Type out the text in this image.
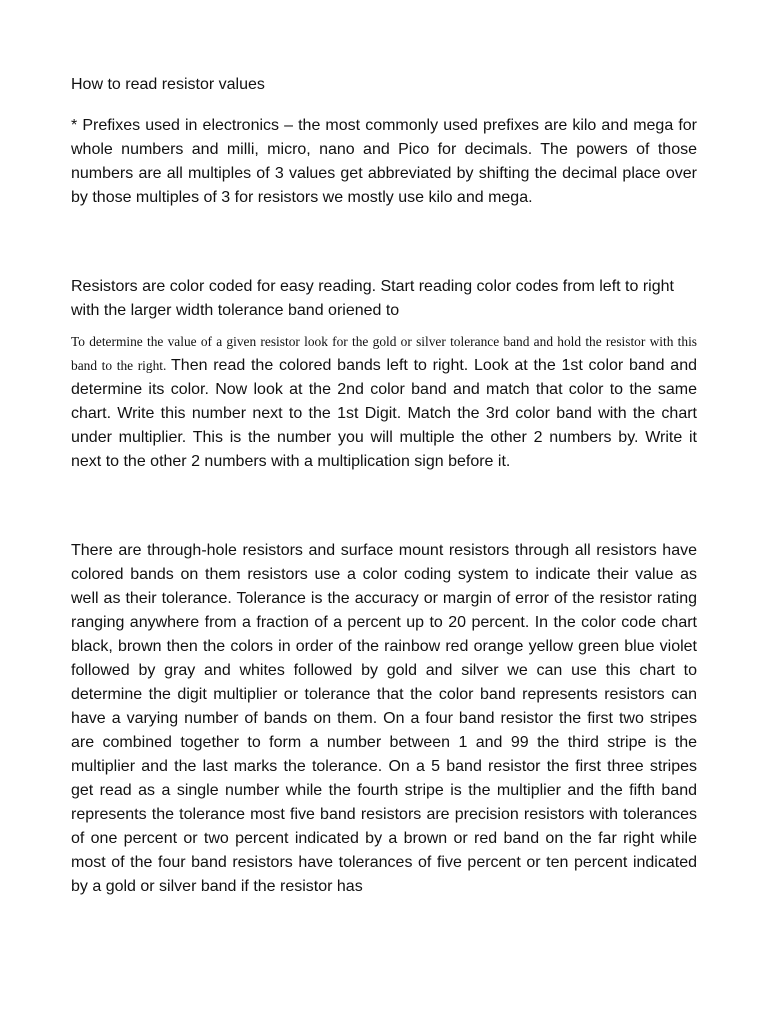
How to read resistor values

* Prefixes used in electronics – the most commonly used prefixes are kilo and mega for whole numbers and milli, micro, nano and Pico for decimals. The powers of those numbers are all multiples of 3 values get abbreviated by shifting the decimal place over by those multiples of 3 for resistors we mostly use kilo and mega.

Resistors are color coded for easy reading. Start reading color codes from left to right with the larger width tolerance band oriened to

To determine the value of a given resistor look for the gold or silver tolerance band and hold the resistor with this band to the right. Then read the colored bands left to right. Look at the 1st color band and determine its color. Now look at the 2nd color band and match that color to the same chart. Write this number next to the 1st Digit. Match the 3rd color band with the chart under multiplier. This is the number you will multiple the other 2 numbers by. Write it next to the other 2 numbers with a multiplication sign before it.

There are through-hole resistors and surface mount resistors through all resistors have colored bands on them resistors use a color coding system to indicate their value as well as their tolerance. Tolerance is the accuracy or margin of error of the resistor rating ranging anywhere from a fraction of a percent up to 20 percent. In the color code chart black, brown then the colors in order of the rainbow red orange yellow green blue violet followed by gray and whites followed by gold and silver we can use this chart to determine the digit multiplier or tolerance that the color band represents resistors can have a varying number of bands on them. On a four band resistor the first two stripes are combined together to form a number between 1 and 99 the third stripe is the multiplier and the last marks the tolerance. On a 5 band resistor the first three stripes get read as a single number while the fourth stripe is the multiplier and the fifth band represents the tolerance most five band resistors are precision resistors with tolerances of one percent or two percent indicated by a brown or red band on the far right while most of the four band resistors have tolerances of five percent or ten percent indicated by a gold or silver band if the resistor has
